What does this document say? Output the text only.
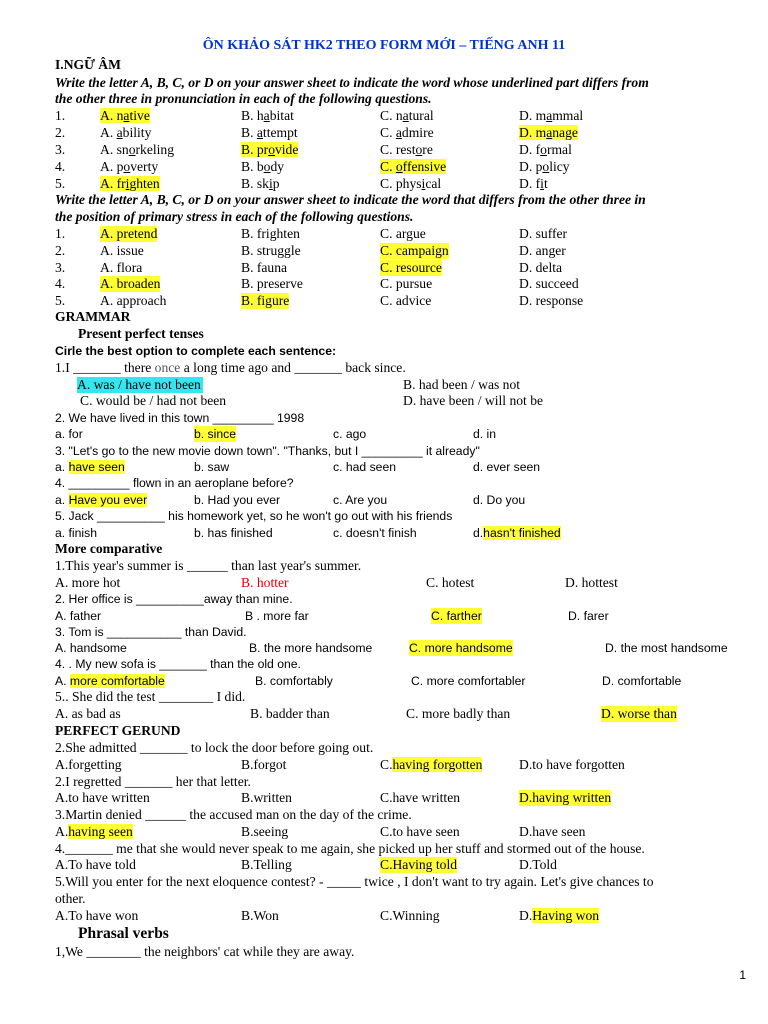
ÔN KHẢO SÁT HK2 THEO FORM MỚI – TIẾNG ANH 11
I.NGỮ ÂM
Write the letter A, B, C, or D on your answer sheet to indicate the word whose underlined part differs from
the other three in pronunciation in each of the following questions.
1.	A. native	B. habitat	C. natural	D. mammal
2.	A. ability	B. attempt	C. admire	D. manage
3.	A. snorkeling	B. provide	C. restore	D. formal
4.	A. poverty	B. body	C. offensive	D. policy
5.	A. frighten	B. skip	C. physical	D. fit
Write the letter A, B, C, or D on your answer sheet to indicate the word that differs from the other three in
the position of primary stress in each of the following questions.
1.	A. pretend	B. frighten	C. argue	D. suffer
2.	A. issue	B. struggle	C. campaign	D. anger
3.	A. flora	B. fauna	C. resource	D. delta
4.	A. broaden	B. preserve	C. pursue	D. succeed
5.	A. approach	B. figure	C. advice	D. response
GRAMMAR
Present perfect tenses
Cirle the best option to complete each sentence:
1.I _______ there once a long time ago and _______ back since.
A. was / have not been	B. had been / was not
C. would be / had not been	D. have been / will not be
2. We have lived in this town _________ 1998
a. for	b. since	c. ago	d. in
3. "Let's go to the new movie down town". "Thanks, but I _________ it already"
a. have seen	b. saw	c. had seen	d. ever seen
4. _________ flown in an aeroplane before?
a. Have you ever	b. Had you ever	c. Are you	d. Do you
5. Jack __________ his homework yet, so he won't go out with his friends
a. finish	b. has finished	c. doesn't finish	d.hasn't finished
More comparative
1.This year's summer is ______ than last year's summer.
A. more hot	B. hotter	C. hotest	D. hottest
2. Her office is __________away than mine.
A. father	B . more far	C. farther	D. farer
3. Tom is ___________ than David.
A. handsome	B. the more handsome	C. more handsome	D. the most handsome
4. . My new sofa is _______ than the old one.
A. more comfortable	B. comfortably	C. more comfortabler	D. comfortable
5.. She did the test ________ I did.
A. as bad as	B. badder than	C. more badly than	D. worse than
PERFECT GERUND
2.She admitted _______ to lock the door before going out.
A.forgetting	B.forgot	C.having forgotten	D.to have forgotten
2.I regretted _______ her that letter.
A.to have written	B.written	C.have written	D.having written
3.Martin denied ______ the accused man on the day of the crime.
A.having seen	B.seeing	C.to have seen	D.have seen
4._______ me that she would never speak to me again, she picked up her stuff and stormed out of the house.
A.To have told	B.Telling	C.Having told	D.Told
5.Will you enter for the next eloquence contest? - _____ twice , I don't want to try again. Let's give chances to
other.
A.To have won	B.Won	C.Winning	D.Having won
Phrasal verbs
1,We ________ the neighbors' cat while they are away.
1
